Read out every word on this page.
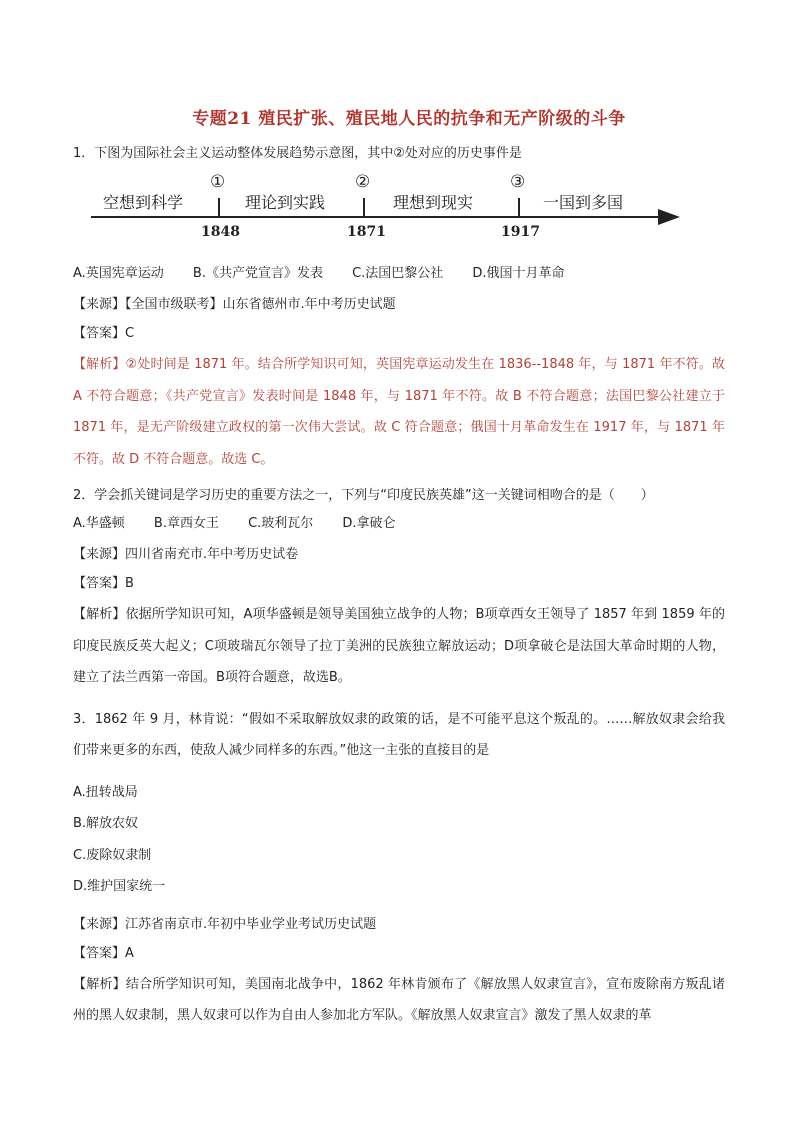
专题21 殖民扩张、殖民地人民的抗争和无产阶级的斗争
1．下图为国际社会主义运动整体发展趋势示意图，其中②处对应的历史事件是
①	②	③
空想到科学	理论到实践	理想到现实	一国到多国
1848	1871	1917
A.英国宪章运动 B.《共产党宣言》发表 C.法国巴黎公社 D.俄国十月革命
【来源】【全国市级联考】山东省德州市.年中考历史试题
【答案】C
【解析】②处时间是 1871 年。结合所学知识可知，英国宪章运动发生在 1836--1848 年，与 1871 年不符。故 A 不符合题意；《共产党宣言》发表时间是 1848 年，与 1871 年不符。故 B 不符合题意；法国巴黎公社建立于 1871 年，是无产阶级建立政权的第一次伟大尝试。故 C 符合题意；俄国十月革命发生在 1917 年，与 1871 年不符。故 D 不符合题意。故选 C。
2．学会抓关键词是学习历史的重要方法之一，下列与“印度民族英雄”这一关键词相吻合的是（　　）
A.华盛顿 B.章西女王 C.玻利瓦尔 D.拿破仑
【来源】四川省南充市.年中考历史试卷
【答案】B
【解析】依据所学知识可知，A项华盛顿是领导美国独立战争的人物；B项章西女王领导了 1857 年到 1859 年的印度民族反英大起义；C项玻瑞瓦尔领导了拉丁美洲的民族独立解放运动；D项拿破仑是法国大革命时期的人物，建立了法兰西第一帝国。B项符合题意，故选B。
3．1862 年 9 月，林肯说：“假如不采取解放奴隶的政策的话，是不可能平息这个叛乱的。……解放奴隶会给我们带来更多的东西，使敌人减少同样多的东西。”他这一主张的直接目的是
A.扭转战局
B.解放农奴
C.废除奴隶制
D.维护国家统一
【来源】江苏省南京市.年初中毕业学业考试历史试题
【答案】A
【解析】结合所学知识可知，美国南北战争中，1862 年林肯颁布了《解放黑人奴隶宣言》，宣布废除南方叛乱诸州的黑人奴隶制，黑人奴隶可以作为自由人参加北方军队。《解放黑人奴隶宣言》激发了黑人奴隶的革
